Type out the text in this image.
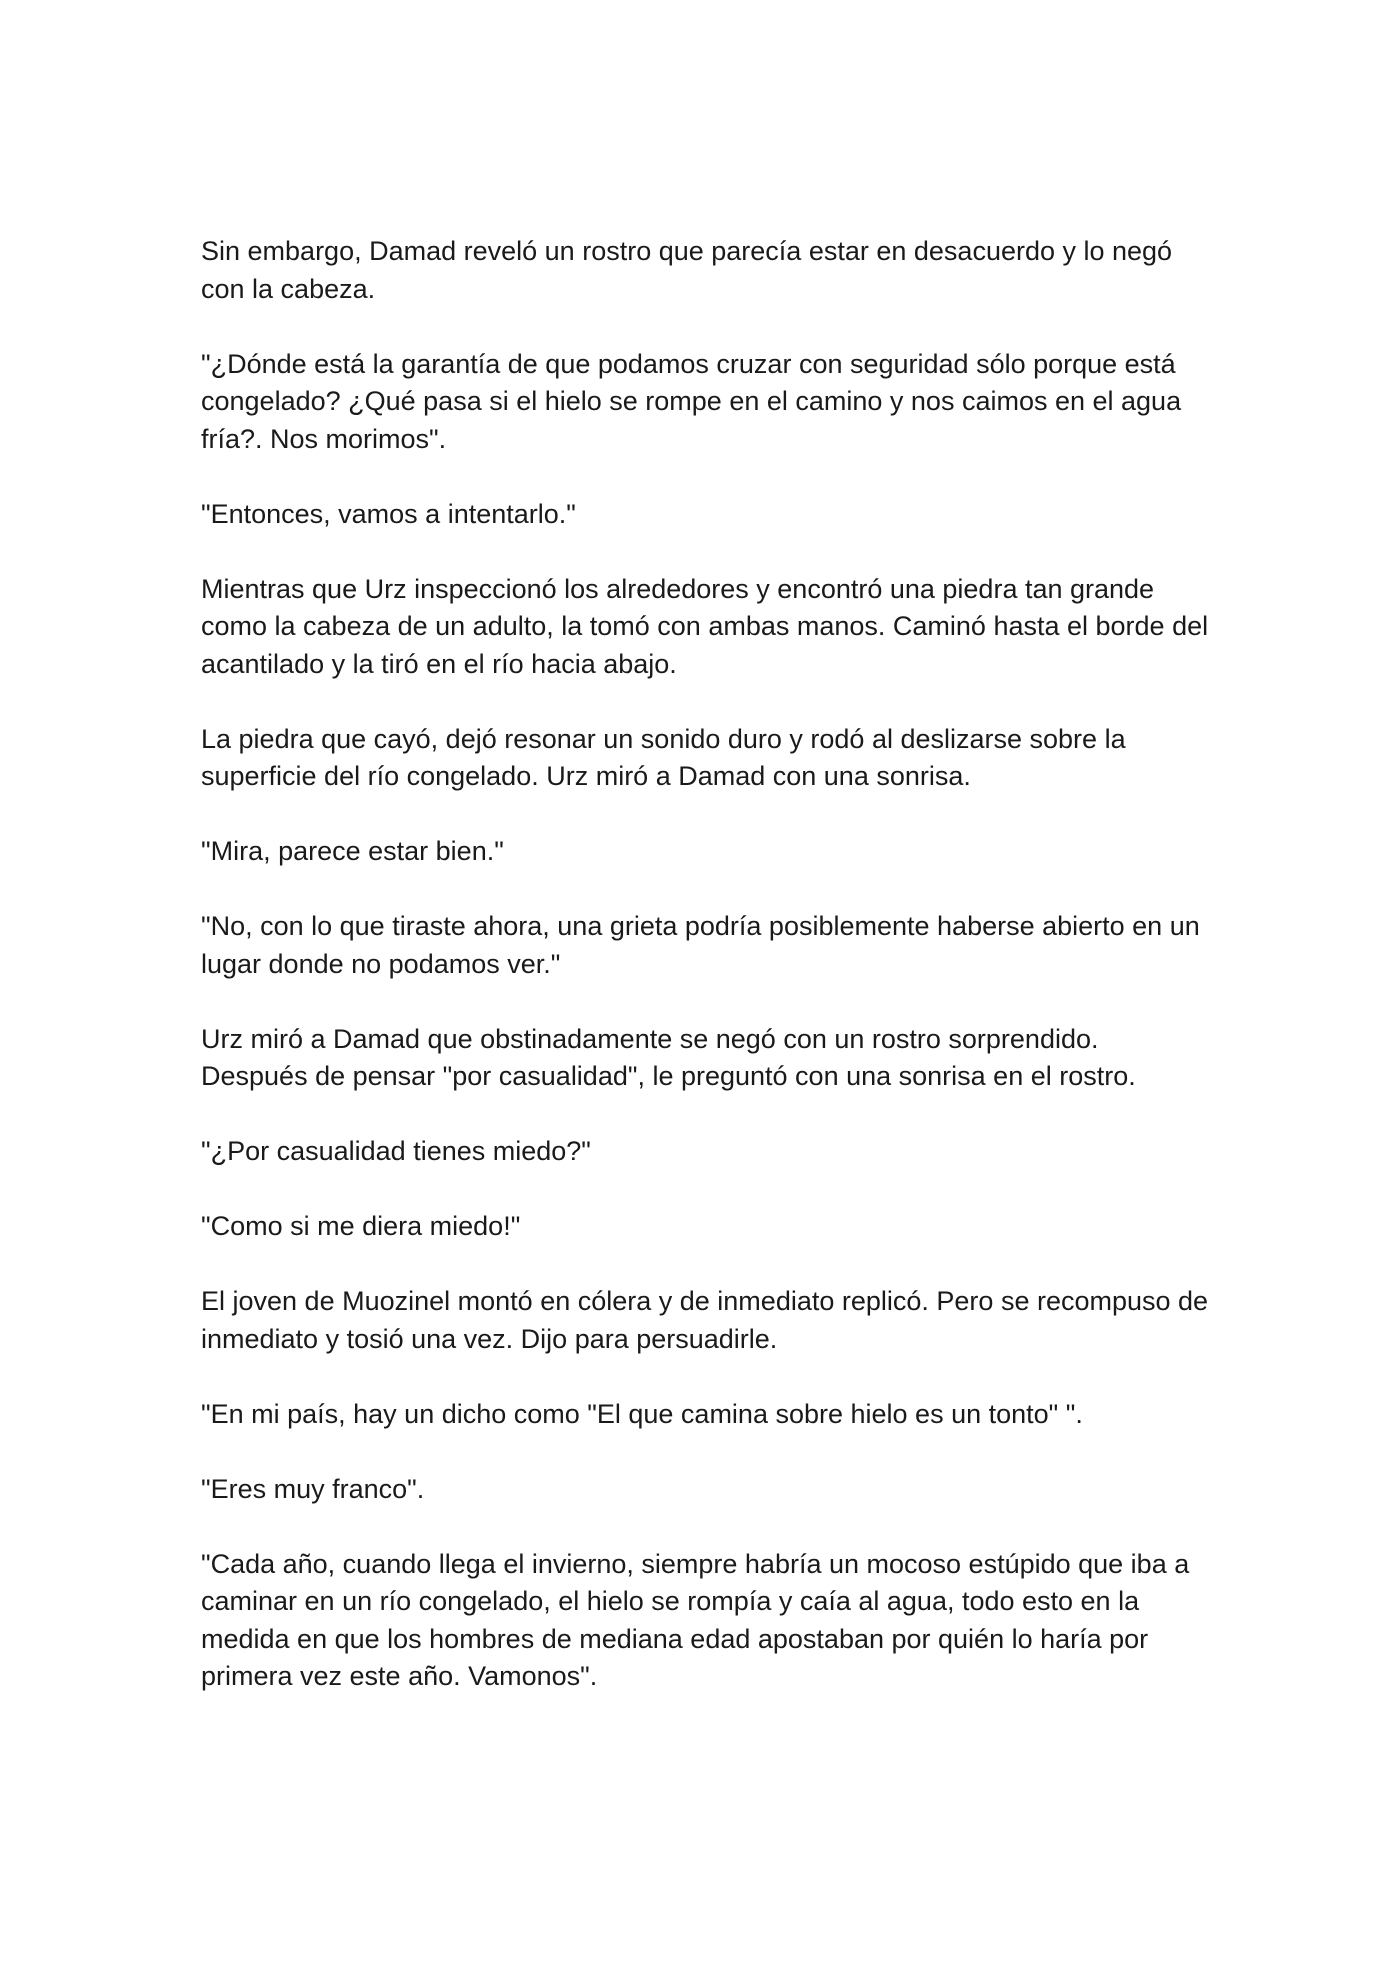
Sin embargo, Damad reveló un rostro que parecía estar en desacuerdo y lo negó con la cabeza.

"¿Dónde está la garantía de que podamos cruzar con seguridad sólo porque está congelado? ¿Qué pasa si el hielo se rompe en el camino y nos caimos en el agua fría?. Nos morimos".

"Entonces, vamos a intentarlo."

Mientras que Urz inspeccionó los alrededores y encontró una piedra tan grande como la cabeza de un adulto, la tomó con ambas manos. Caminó hasta el borde del acantilado y la tiró en el río hacia abajo.

La piedra que cayó, dejó resonar un sonido duro y rodó al deslizarse sobre la superficie del río congelado. Urz miró a Damad con una sonrisa.

"Mira, parece estar bien."

"No, con lo que tiraste ahora, una grieta podría posiblemente haberse abierto en un lugar donde no podamos ver."

Urz miró a Damad que obstinadamente se negó con un rostro sorprendido. Después de pensar "por casualidad", le preguntó con una sonrisa en el rostro.

"¿Por casualidad tienes miedo?"

"Como si me diera miedo!"

El joven de Muozinel montó en cólera y de inmediato replicó. Pero se recompuso de inmediato y tosió una vez. Dijo para persuadirle.

"En mi país, hay un dicho como "El que camina sobre hielo es un tonto" ".

"Eres muy franco".

"Cada año, cuando llega el invierno, siempre habría un mocoso estúpido que iba a caminar en un río congelado, el hielo se rompía y caía al agua, todo esto en la medida en que los hombres de mediana edad apostaban por quién lo haría por primera vez este año. Vamonos".
